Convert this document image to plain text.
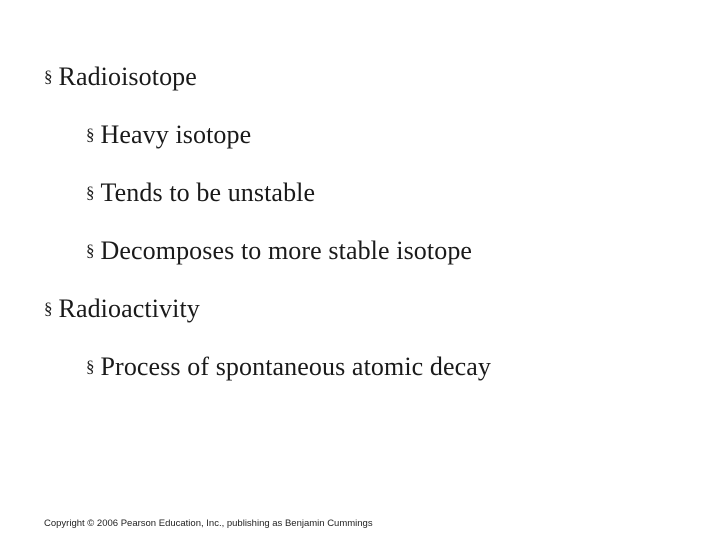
§ Radioisotope
§ Heavy isotope
§ Tends to be unstable
§ Decomposes to more stable isotope
§ Radioactivity
§ Process of spontaneous atomic decay
Copyright © 2006 Pearson Education, Inc., publishing as Benjamin Cummings
